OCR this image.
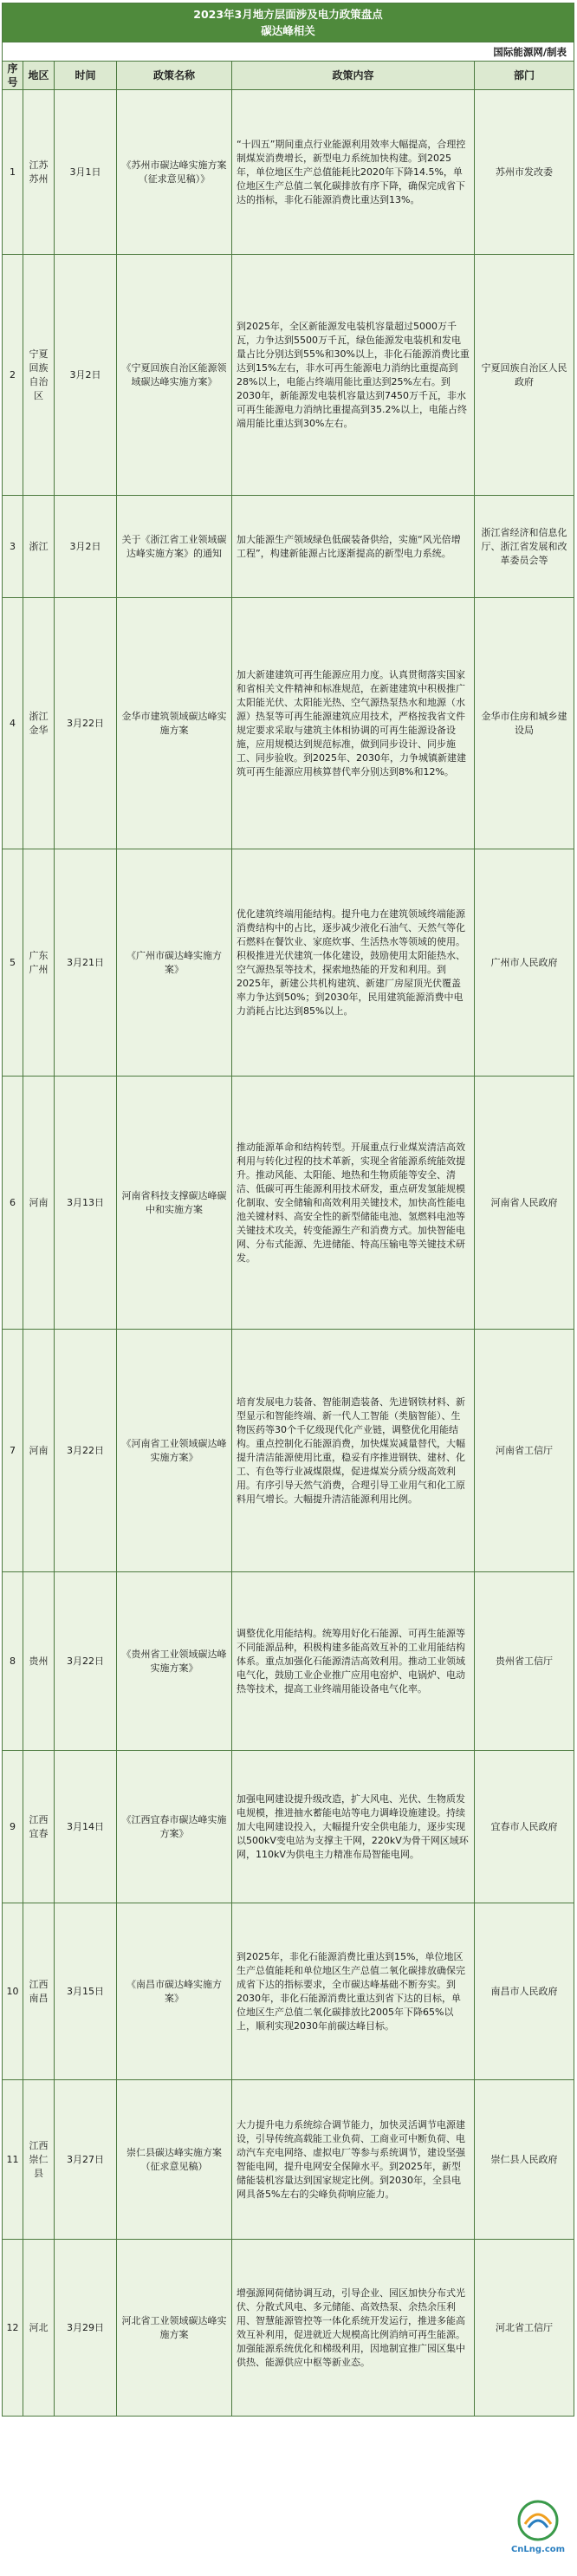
2023年3月地方层面涉及电力政策盘点
碳达峰相关					

国际能源网/制表					
序号	地区	时间	政策名称	政策内容	部门
1	江苏苏州	3月1日	《苏州市碳达峰实施方案（征求意见稿）》	“十四五”期间重点行业能源利用效率大幅提高，合理控制煤炭消费增长，新型电力系统加快构建。到2025年，单位地区生产总值能耗比2020年下降14.5%，单位地区生产总值二氧化碳排放有序下降，确保完成省下达的指标，非化石能源消费比重达到13%。	苏州市发改委
2	宁夏回族自治区	3月2日	《宁夏回族自治区能源领域碳达峰实施方案》	到2025年，全区新能源发电装机容量超过5000万千瓦，力争达到5500万千瓦，绿色能源发电装机和发电量占比分别达到55%和30%以上，非化石能源消费比重达到15%左右，非水可再生能源电力消纳比重提高到28%以上，电能占终端用能比重达到25%左右。到2030年，新能源发电装机容量达到7450万千瓦，非水可再生能源电力消纳比重提高到35.2%以上，电能占终端用能比重达到30%左右。	宁夏回族自治区人民政府
3	浙江	3月2日	关于《浙江省工业领域碳达峰实施方案》的通知	加大能源生产领域绿色低碳装备供给，实施“风光倍增工程”，构建新能源占比逐渐提高的新型电力系统。	浙江省经济和信息化厅、浙江省发展和改革委员会等
4	浙江金华	3月22日	金华市建筑领域碳达峰实施方案	加大新建建筑可再生能源应用力度。认真贯彻落实国家和省相关文件精神和标准规范，在新建建筑中积极推广太阳能光伏、太阳能光热、空气源热泵热水和地源（水源）热泵等可再生能源建筑应用技术，严格按我省文件规定要求采取与建筑主体相协调的可再生能源设备设施，应用规模达到规范标准，做到同步设计、同步施工、同步验收。到2025年、2030年，力争城镇新建建筑可再生能源应用核算替代率分别达到8%和12%。	金华市住房和城乡建设局
5	广东广州	3月21日	《广州市碳达峰实施方案》	优化建筑终端用能结构。提升电力在建筑领域终端能源消费结构中的占比，逐步减少液化石油气、天然气等化石燃料在餐饮业、家庭炊事、生活热水等领域的使用。积极推进光伏建筑一体化建设，鼓励使用太阳能热水、空气源热泵等技术，探索地热能的开发和利用。到2025年，新建公共机构建筑、新建厂房屋顶光伏覆盖率力争达到50%；到2030年，民用建筑能源消费中电力消耗占比达到85%以上。	广州市人民政府
6	河南	3月13日	河南省科技支撑碳达峰碳中和实施方案	推动能源革命和结构转型。开展重点行业煤炭清洁高效利用与转化过程的技术革新，实现全省能源系统能效提升。推动风能、太阳能、地热和生物质能等安全、清洁、低碳可再生能源利用技术研发，重点研发氢能规模化制取、安全储输和高效利用关键技术，加快高性能电池关键材料、高安全性的新型储能电池、氢燃料电池等关键技术攻关，转变能源生产和消费方式。加快智能电网、分布式能源、先进储能、特高压输电等关键技术研发。	河南省人民政府
7	河南	3月22日	《河南省工业领域碳达峰实施方案》	培育发展电力装备、智能制造装备、先进钢铁材料、新型显示和智能终端、新一代人工智能（类脑智能）、生物医药等30个千亿级现代化产业链，调整优化用能结构。重点控制化石能源消费，加快煤炭减量替代，大幅提升清洁能源使用比重，稳妥有序推进钢铁、建材、化工、有色等行业减煤限煤，促进煤炭分质分级高效利用。有序引导天然气消费，合理引导工业用气和化工原料用气增长。大幅提升清洁能源利用比例。	河南省工信厅
8	贵州	3月22日	《贵州省工业领域碳达峰实施方案》	调整优化用能结构。统筹用好化石能源、可再生能源等不同能源品种，积极构建多能高效互补的工业用能结构体系。重点加强化石能源清洁高效利用。推动工业领域电气化，鼓励工业企业推广应用电窑炉、电锅炉、电动热等技术，提高工业终端用能设备电气化率。	贵州省工信厅
9	江西宜春	3月14日	《江西宜春市碳达峰实施方案》	加强电网建设提升级改造，扩大风电、光伏、生物质发电规模，推进抽水蓄能电站等电力调峰设施建设。持续加大电网建设投入，大幅提升安全供电能力，逐步实现以500kV变电站为支撑主干网，220kV为骨干网区域环网，110kV为供电主力精准布局智能电网。	宜春市人民政府
10	江西南昌	3月15日	《南昌市碳达峰实施方案》	到2025年，非化石能源消费比重达到15%，单位地区生产总值能耗和单位地区生产总值二氧化碳排放确保完成省下达的指标要求，全市碳达峰基础不断夯实。到2030年，非化石能源消费比重达到省下达的目标，单位地区生产总值二氧化碳排放比2005年下降65%以上，顺利实现2030年前碳达峰目标。	南昌市人民政府
11	江西崇仁县	3月27日	崇仁县碳达峰实施方案（征求意见稿）	大力提升电力系统综合调节能力，加快灵活调节电源建设，引导传统高载能工业负荷、工商业可中断负荷、电动汽车充电网络、虚拟电厂等参与系统调节，建设坚强智能电网，提升电网安全保障水平。到2025年，新型储能装机容量达到国家规定比例。到2030年，全县电网具备5%左右的尖峰负荷响应能力。	崇仁县人民政府
12	河北	3月29日	河北省工业领域碳达峰实施方案	增强源网荷储协调互动，引导企业、园区加快分布式光伏、分散式风电、多元储能、高效热泵、余热余压利用、智慧能源管控等一体化系统开发运行，推进多能高效互补利用，促进就近大规模高比例消纳可再生能源。加强能源系统优化和梯级利用，因地制宜推广园区集中供热、能源供应中枢等新业态。	河北省工信厅
CnLng.com
